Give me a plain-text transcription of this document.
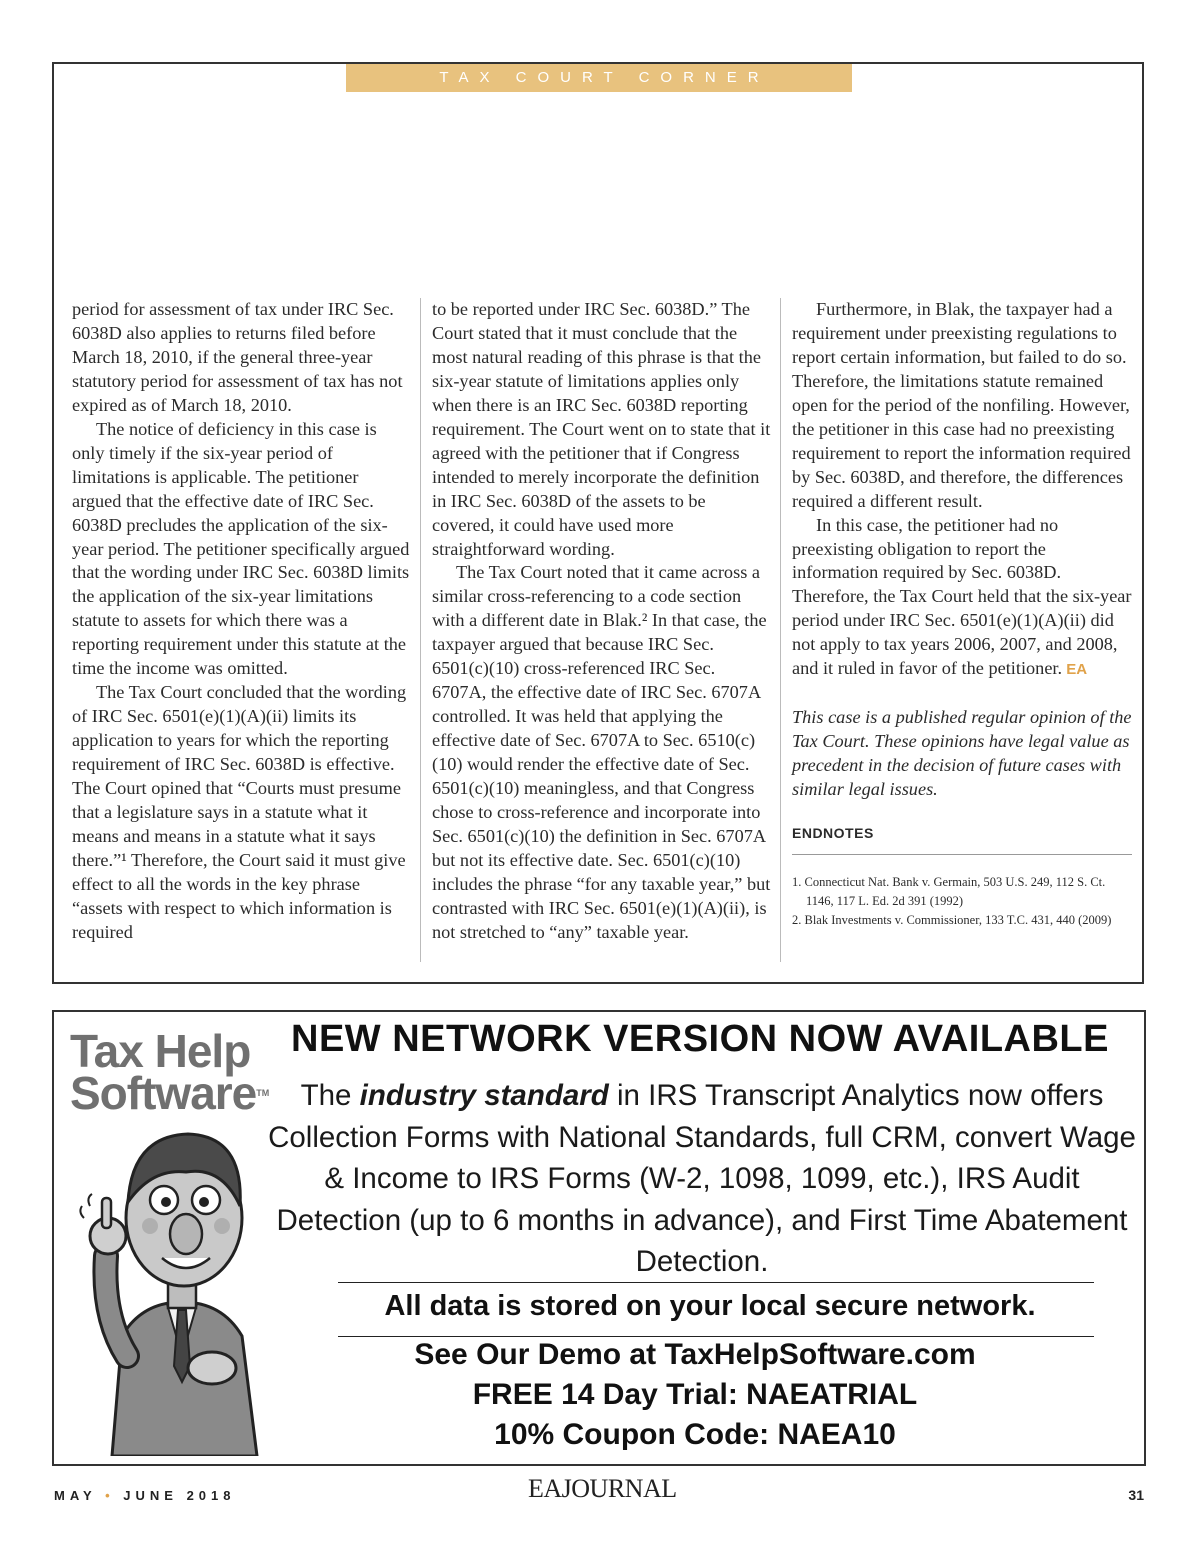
TAX COURT CORNER

period for assessment of tax under IRC Sec. 6038D also applies to returns filed before March 18, 2010, if the general three-year statutory period for assessment of tax has not expired as of March 18, 2010.

The notice of deficiency in this case is only timely if the six-year period of limitations is applicable. The petitioner argued that the effective date of IRC Sec. 6038D precludes the application of the six-year period. The petitioner specifically argued that the wording under IRC Sec. 6038D limits the application of the six-year limitations statute to assets for which there was a reporting requirement under this statute at the time the income was omitted.

The Tax Court concluded that the wording of IRC Sec. 6501(e)(1)(A)(ii) limits its application to years for which the reporting requirement of IRC Sec. 6038D is effective. The Court opined that “Courts must presume that a legislature says in a statute what it means and means in a statute what it says there.”¹ Therefore, the Court said it must give effect to all the words in the key phrase “assets with respect to which information is required

to be reported under IRC Sec. 6038D.” The Court stated that it must conclude that the most natural reading of this phrase is that the six-year statute of limitations applies only when there is an IRC Sec. 6038D reporting requirement. The Court went on to state that it agreed with the petitioner that if Congress intended to merely incorporate the definition in IRC Sec. 6038D of the assets to be covered, it could have used more straightforward wording.

The Tax Court noted that it came across a similar cross-referencing to a code section with a different date in Blak.² In that case, the taxpayer argued that because IRC Sec. 6501(c)(10) cross-referenced IRC Sec. 6707A, the effective date of IRC Sec. 6707A controlled. It was held that applying the effective date of Sec. 6707A to Sec. 6510(c)(10) would render the effective date of Sec. 6501(c)(10) meaningless, and that Congress chose to cross-reference and incorporate into Sec. 6501(c)(10) the definition in Sec. 6707A but not its effective date. Sec. 6501(c)(10) includes the phrase “for any taxable year,” but contrasted with IRC Sec. 6501(e)(1)(A)(ii), is not stretched to “any” taxable year.

Furthermore, in Blak, the taxpayer had a requirement under preexisting regulations to report certain information, but failed to do so. Therefore, the limitations statute remained open for the period of the nonfiling. However, the petitioner in this case had no preexisting requirement to report the information required by Sec. 6038D, and therefore, the differences required a different result.

In this case, the petitioner had no preexisting obligation to report the information required by Sec. 6038D. Therefore, the Tax Court held that the six-year period under IRC Sec. 6501(e)(1)(A)(ii) did not apply to tax years 2006, 2007, and 2008, and it ruled in favor of the petitioner. EA

This case is a published regular opinion of the Tax Court. These opinions have legal value as precedent in the decision of future cases with similar legal issues.

ENDNOTES

1. Connecticut Nat. Bank v. Germain, 503 U.S. 249, 112 S. Ct. 1146, 117 L. Ed. 2d 391 (1992)

2. Blak Investments v. Commissioner, 133 T.C. 431, 440 (2009)

Tax Help
SoftwareTM
NEW NETWORK VERSION NOW AVAILABLE
The industry standard in IRS Transcript Analytics now offers Collection Forms with National Standards, full CRM, convert Wage & Income to IRS Forms (W-2, 1098, 1099, etc.), IRS Audit Detection (up to 6 months in advance), and First Time Abatement Detection.
All data is stored on your local secure network.
See Our Demo at TaxHelpSoftware.com
FREE 14 Day Trial: NAEATRIAL
10% Coupon Code: NAEA10
MAY • JUNE 2018	EAJOURNAL	31
